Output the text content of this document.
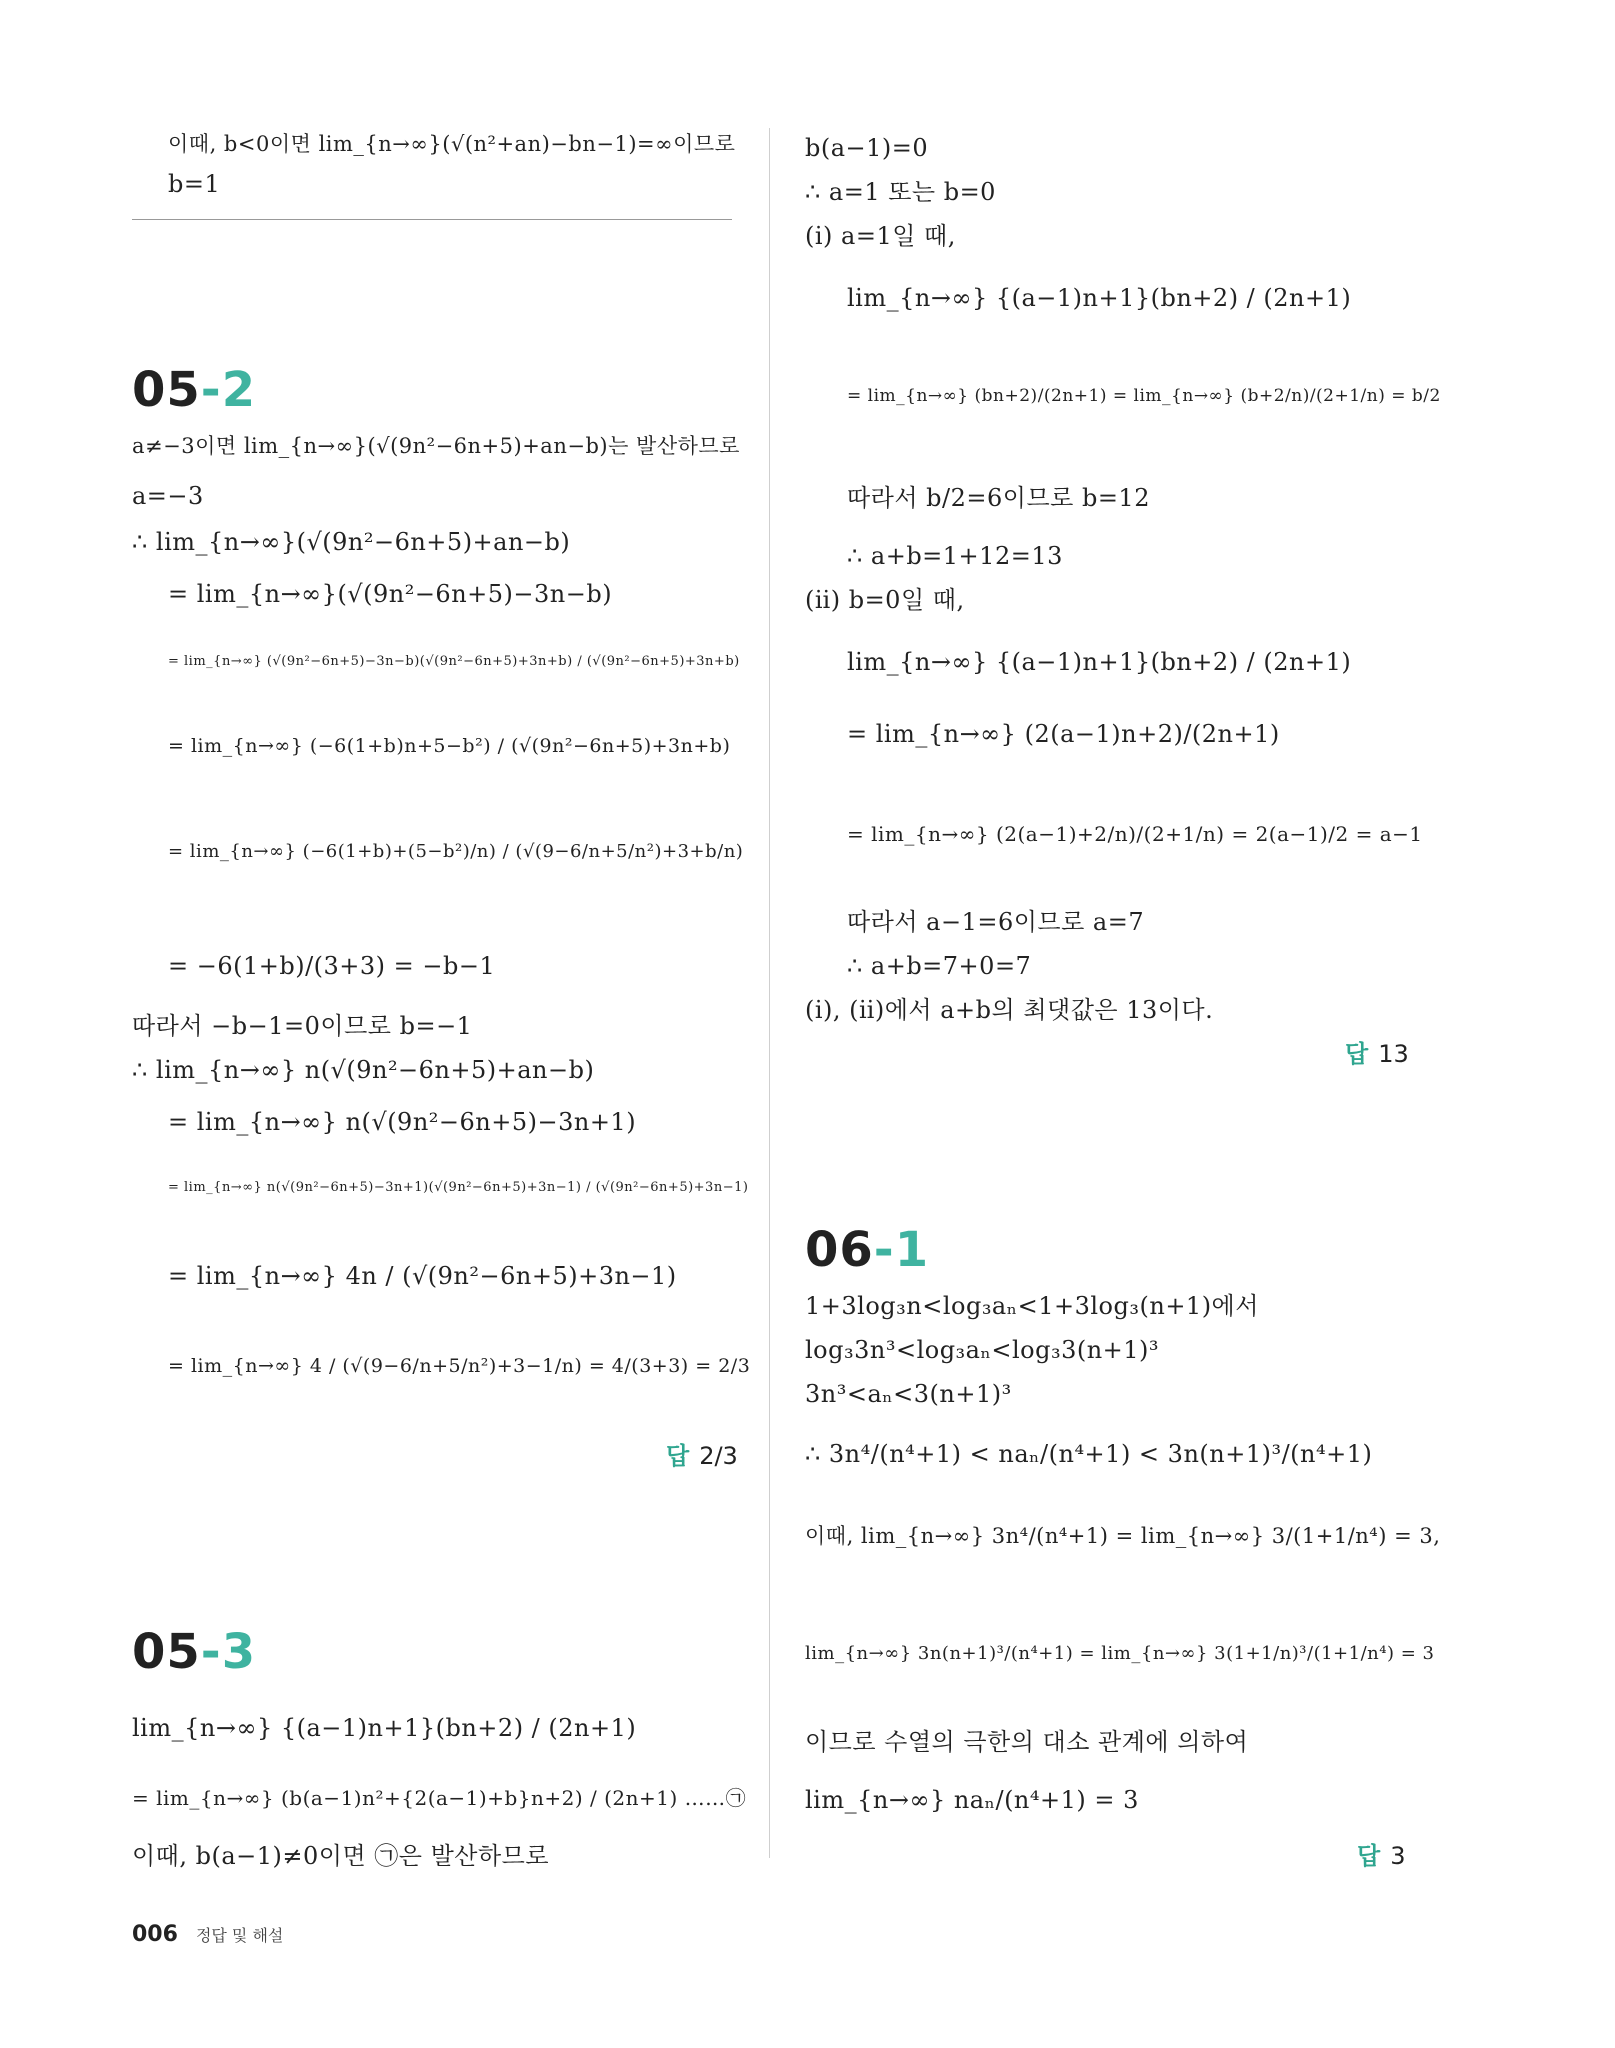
이때, b<0이면 lim_{n→∞}(√(n²+an)−bn−1)=∞이므로
b=1
05-2
a≠−3이면 lim_{n→∞}(√(9n²−6n+5)+an−b)는 발산하므로
a=−3
∴ lim_{n→∞}(√(9n²−6n+5)+an−b)
= lim_{n→∞}(√(9n²−6n+5)−3n−b)
= lim_{n→∞} (√(9n²−6n+5)−3n−b)(√(9n²−6n+5)+3n+b) / (√(9n²−6n+5)+3n+b)
= lim_{n→∞} (−6(1+b)n+5−b²) / (√(9n²−6n+5)+3n+b)
= lim_{n→∞} (−6(1+b)+(5−b²)/n) / (√(9−6/n+5/n²)+3+b/n)
= −6(1+b)/(3+3) = −b−1
따라서 −b−1=0이므로 b=−1
∴ lim_{n→∞} n(√(9n²−6n+5)+an−b)
= lim_{n→∞} n(√(9n²−6n+5)−3n+1)
= lim_{n→∞} n(√(9n²−6n+5)−3n+1)(√(9n²−6n+5)+3n−1) / (√(9n²−6n+5)+3n−1)
= lim_{n→∞} 4n / (√(9n²−6n+5)+3n−1)
= lim_{n→∞} 4 / (√(9−6/n+5/n²)+3−1/n) = 4/(3+3) = 2/3
답 2/3
05-3
lim_{n→∞} {(a−1)n+1}(bn+2) / (2n+1)
= lim_{n→∞} (b(a−1)n²+{2(a−1)+b}n+2) / (2n+1) ……㉠
이때, b(a−1)≠0이면 ㉠은 발산하므로
b(a−1)=0
∴ a=1 또는 b=0
(ⅰ) a=1일 때,
lim_{n→∞} {(a−1)n+1}(bn+2) / (2n+1)
= lim_{n→∞} (bn+2)/(2n+1) = lim_{n→∞} (b+2/n)/(2+1/n) = b/2
따라서 b/2=6이므로 b=12
∴ a+b=1+12=13
(ⅱ) b=0일 때,
lim_{n→∞} {(a−1)n+1}(bn+2) / (2n+1)
= lim_{n→∞} (2(a−1)n+2)/(2n+1)
= lim_{n→∞} (2(a−1)+2/n)/(2+1/n) = 2(a−1)/2 = a−1
따라서 a−1=6이므로 a=7
∴ a+b=7+0=7
(ⅰ), (ⅱ)에서 a+b의 최댓값은 13이다.
답 13
06-1
1+3log₃n<log₃aₙ<1+3log₃(n+1)에서
log₃3n³<log₃aₙ<log₃3(n+1)³
3n³<aₙ<3(n+1)³
∴ 3n⁴/(n⁴+1) < naₙ/(n⁴+1) < 3n(n+1)³/(n⁴+1)
이때, lim_{n→∞} 3n⁴/(n⁴+1) = lim_{n→∞} 3/(1+1/n⁴) = 3,
lim_{n→∞} 3n(n+1)³/(n⁴+1) = lim_{n→∞} 3(1+1/n)³/(1+1/n⁴) = 3
이므로 수열의 극한의 대소 관계에 의하여
lim_{n→∞} naₙ/(n⁴+1) = 3
답 3
006 정답 및 해설
